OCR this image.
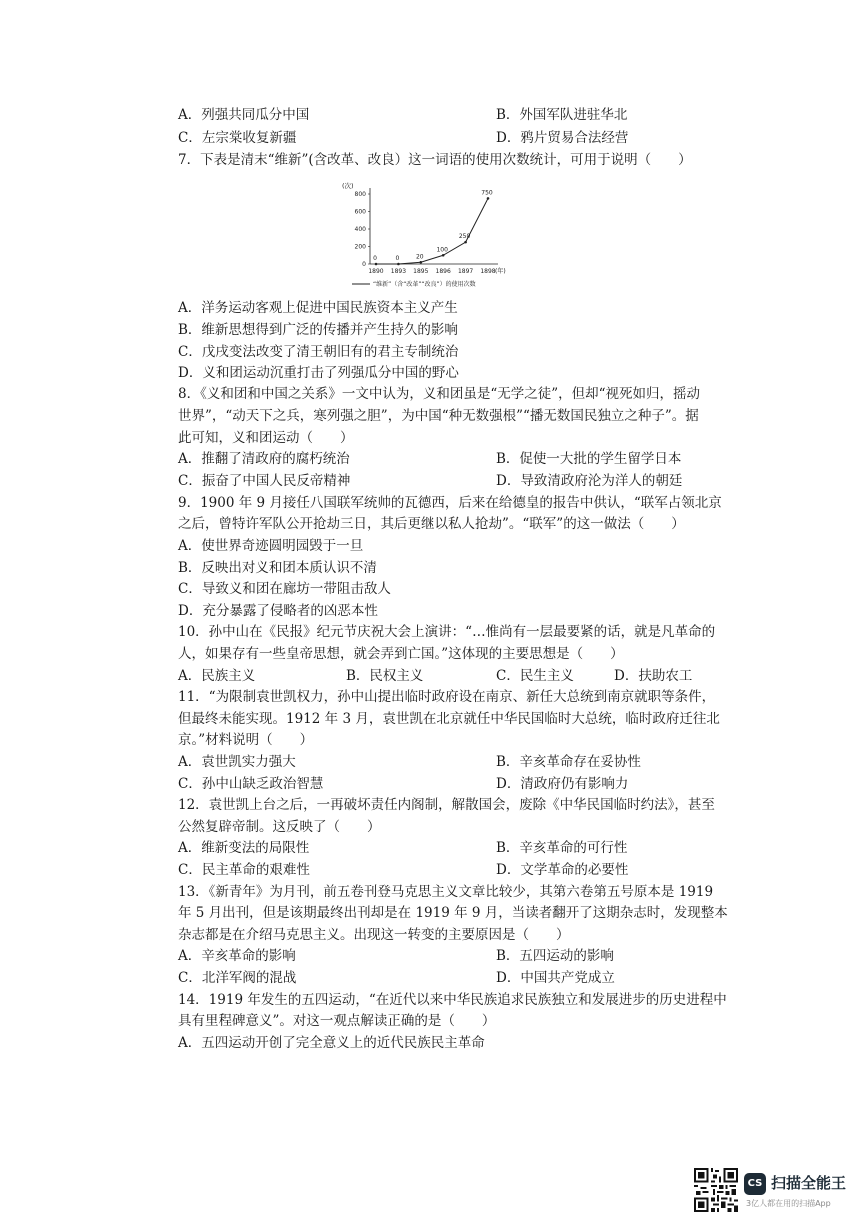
A．列强共同瓜分中国	B．外国军队进驻华北
C．左宗棠收复新疆	D．鸦片贸易合法经营
7．下表是清末“维新”(含改革、改良）这一词语的使用次数统计，可用于说明（　　）
(次)
0
200
400
600
800
1890 1893 1895 1896 1897 1898 (年)
0	0	20
100
250
750
“维新”（含“改革”“改良”）的使用次数
A．洋务运动客观上促进中国民族资本主义产生
B．维新思想得到广泛的传播并产生持久的影响
C．戊戌变法改变了清王朝旧有的君主专制统治
D．义和团运动沉重打击了列强瓜分中国的野心
8．《义和团和中国之关系》一文中认为，义和团虽是“无学之徒”，但却“视死如归，摇动
世界”，“动天下之兵，寒列强之胆”，为中国“种无数强根”“播无数国民独立之种子”。据
此可知，义和团运动（　　）
A．推翻了清政府的腐朽统治	B．促使一大批的学生留学日本
C．振奋了中国人民反帝精神	D．导致清政府沦为洋人的朝廷
9．1900 年 9 月接任八国联军统帅的瓦德西，后来在给德皇的报告中供认，“联军占领北京
之后，曾特许军队公开抢劫三日，其后更继以私人抢劫”。“联军”的这一做法（　　）
A．使世界奇迹圆明园毁于一旦
B．反映出对义和团本质认识不清
C．导致义和团在廊坊一带阻击敌人
D．充分暴露了侵略者的凶恶本性
10．孙中山在《民报》纪元节庆祝大会上演讲：“…惟尚有一层最要紧的话，就是凡革命的
人，如果存有一些皇帝思想，就会弄到亡国。”这体现的主要思想是（　　）
A．民族主义	B．民权主义	C．民生主义	D．扶助农工
11．“为限制袁世凯权力，孙中山提出临时政府设在南京、新任大总统到南京就职等条件，
但最终未能实现。1912 年 3 月，袁世凯在北京就任中华民国临时大总统，临时政府迁往北
京。”材料说明（　　）
A．袁世凯实力强大	B．辛亥革命存在妥协性
C．孙中山缺乏政治智慧	D．清政府仍有影响力
12．袁世凯上台之后，一再破坏责任内阁制，解散国会，废除《中华民国临时约法》，甚至
公然复辟帝制。这反映了（　　）
A．维新变法的局限性	B．辛亥革命的可行性
C．民主革命的艰难性	D．文学革命的必要性
13．《新青年》为月刊，前五卷刊登马克思主义文章比较少，其第六卷第五号原本是 1919
年 5 月出刊，但是该期最终出刊却是在 1919 年 9 月，当读者翻开了这期杂志时，发现整本
杂志都是在介绍马克思主义。出现这一转变的主要原因是（　　）
A．辛亥革命的影响	B．五四运动的影响
C．北洋军阀的混战	D．中国共产党成立
14．1919 年发生的五四运动，“在近代以来中华民族追求民族独立和发展进步的历史进程中
具有里程碑意义”。对这一观点解读正确的是（　　）
A．五四运动开创了完全意义上的近代民族民主革命
CS 扫描全能王
3亿人都在用的扫描App
